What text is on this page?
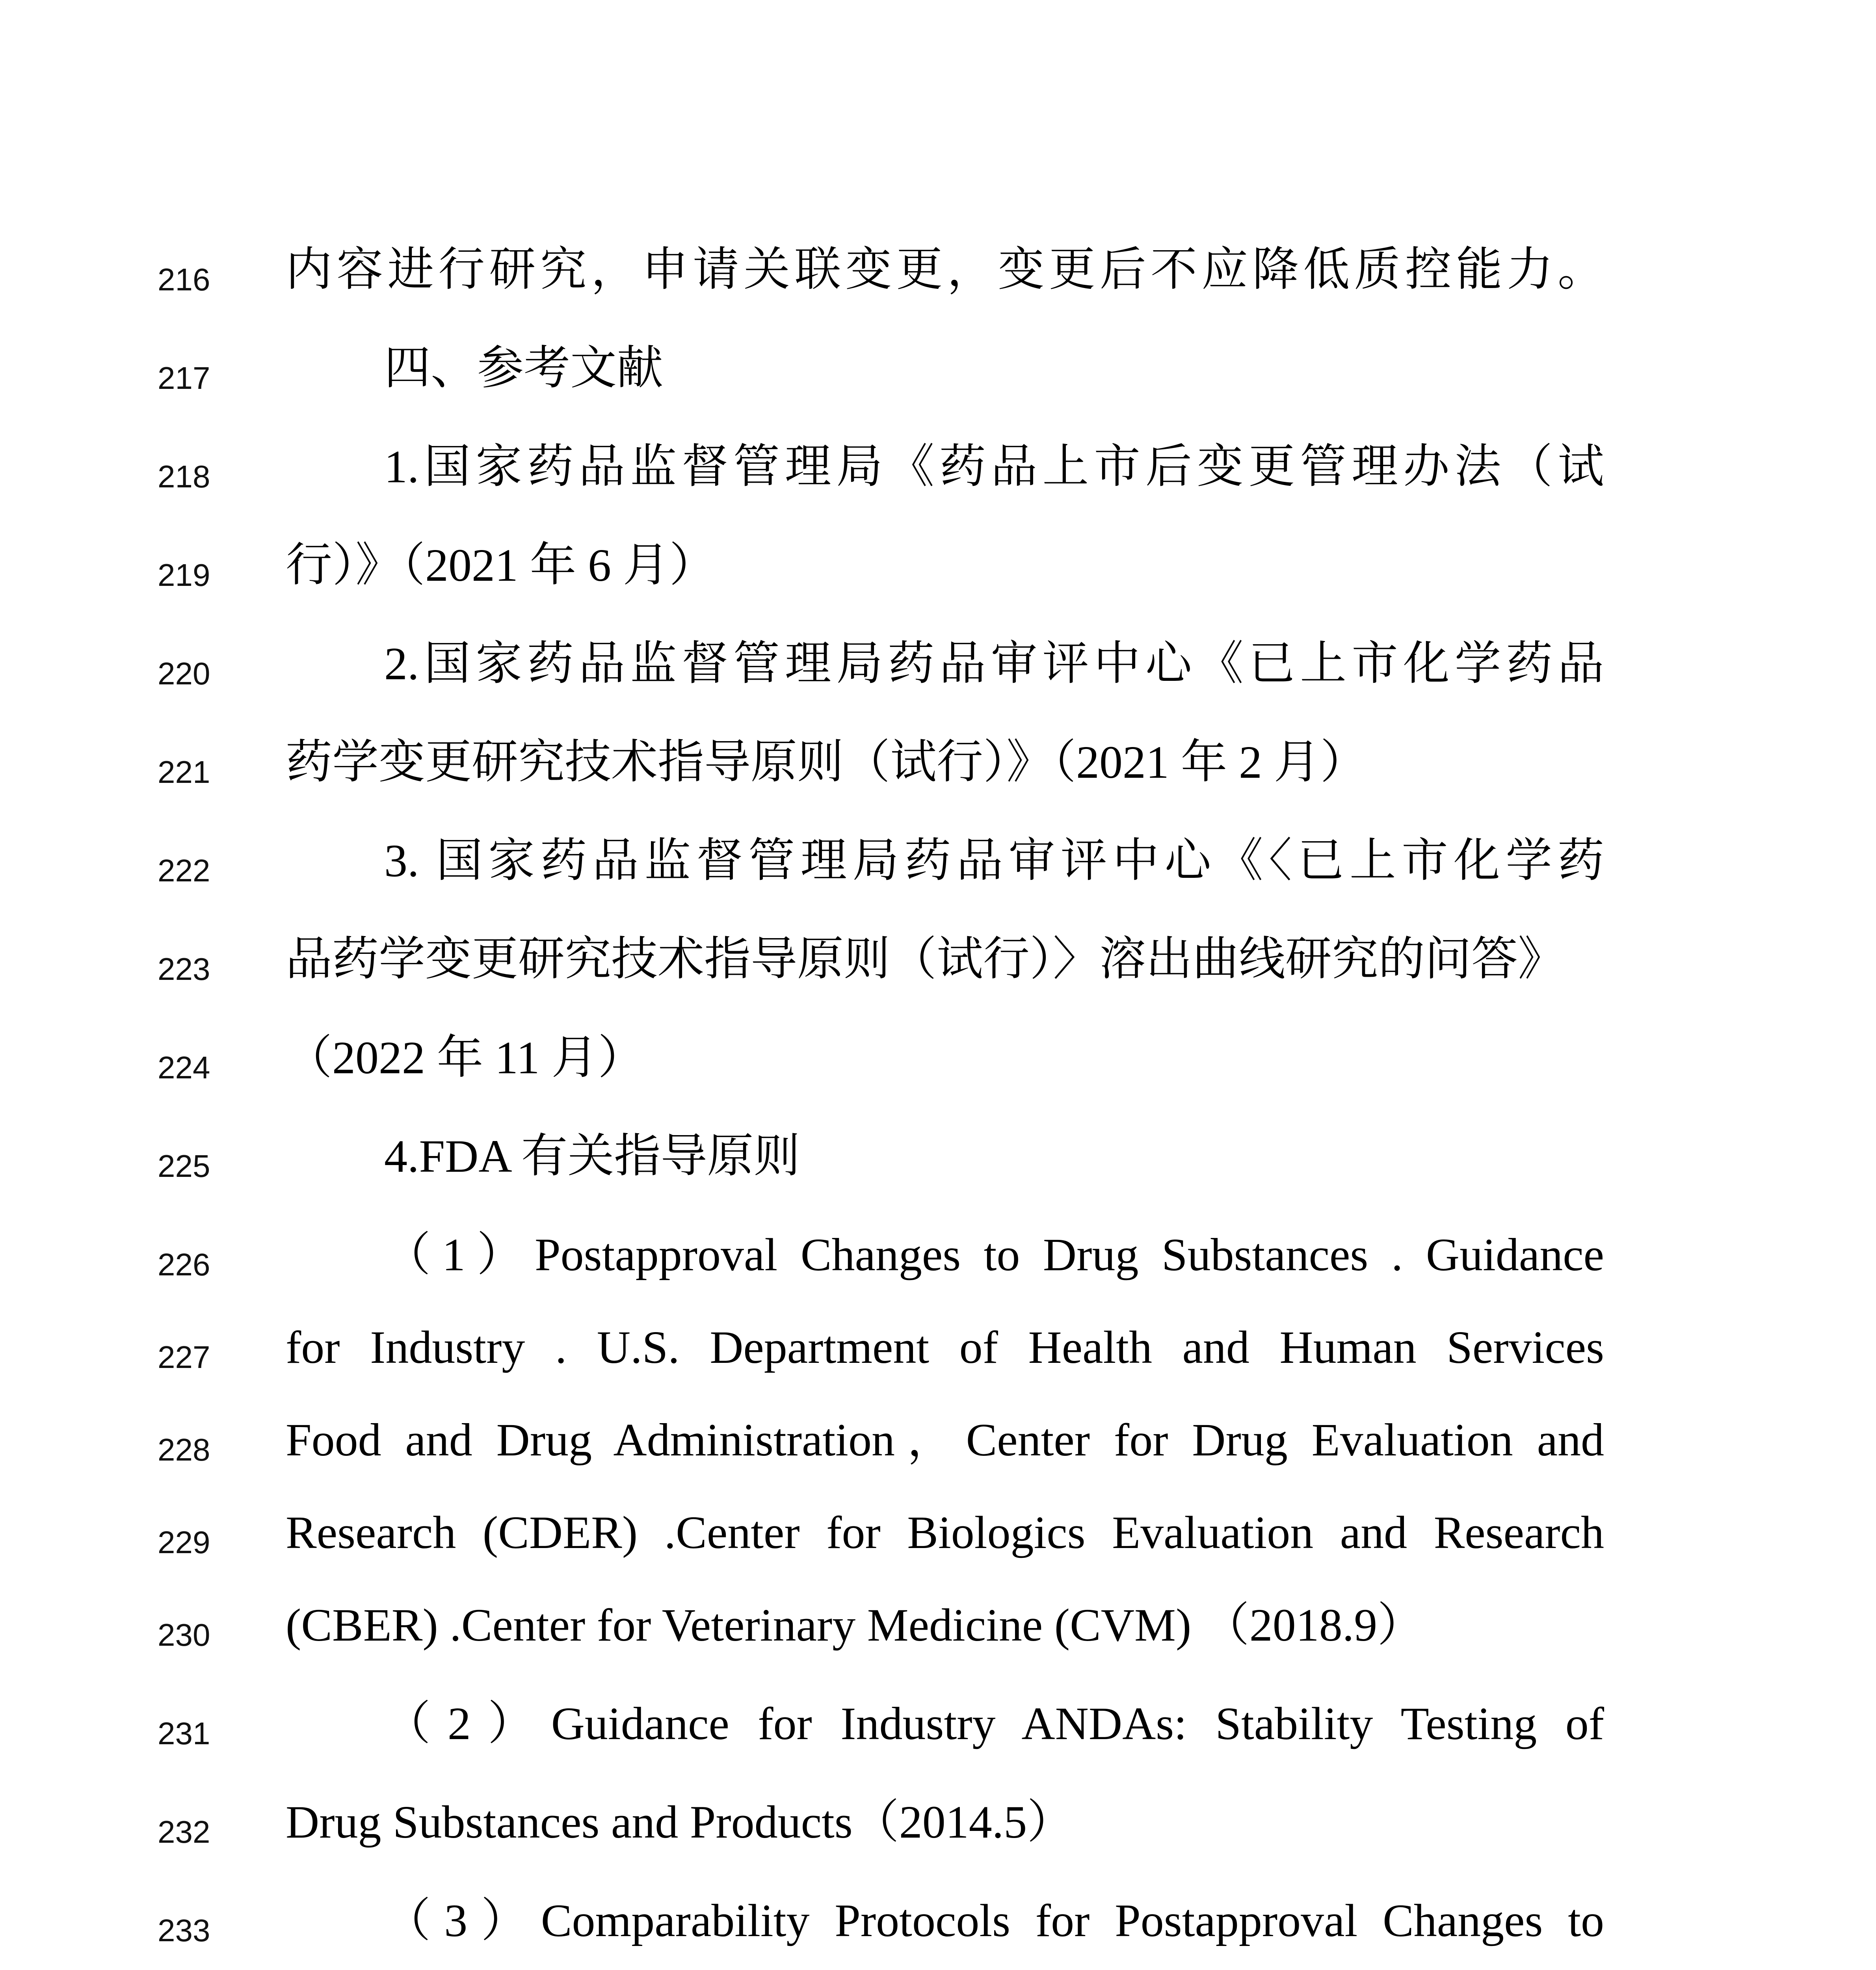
216	内容进行研究，申请关联变更，变更后不应降低质控能力。
217	四、参考文献
218	1.国家药品监督管理局《药品上市后变更管理办法（试
219	行）》（2021 年 6 月）
220	2.国家药品监督管理局药品审评中心《已上市化学药品
221	药学变更研究技术指导原则（试行）》（2021 年 2 月）
222	3. 国家药品监督管理局药品审评中心《〈已上市化学药
223	品药学变更研究技术指导原则（试行）〉溶出曲线研究的问答》
224	（2022 年 11 月）
225	4.FDA 有关指导原则
226	（1）Postapproval Changes to Drug Substances . Guidance
227	for Industry . U.S. Department of Health and Human Services
228	Food and Drug Administration，Center for Drug Evaluation and
229	Research (CDER) .Center for Biologics Evaluation and Research
230	(CBER) .Center for Veterinary Medicine (CVM) （2018.9）
231	（2）Guidance for Industry ANDAs: Stability Testing of
232	Drug Substances and Products（2014.5）
233	（3）Comparability Protocols for Postapproval Changes to
